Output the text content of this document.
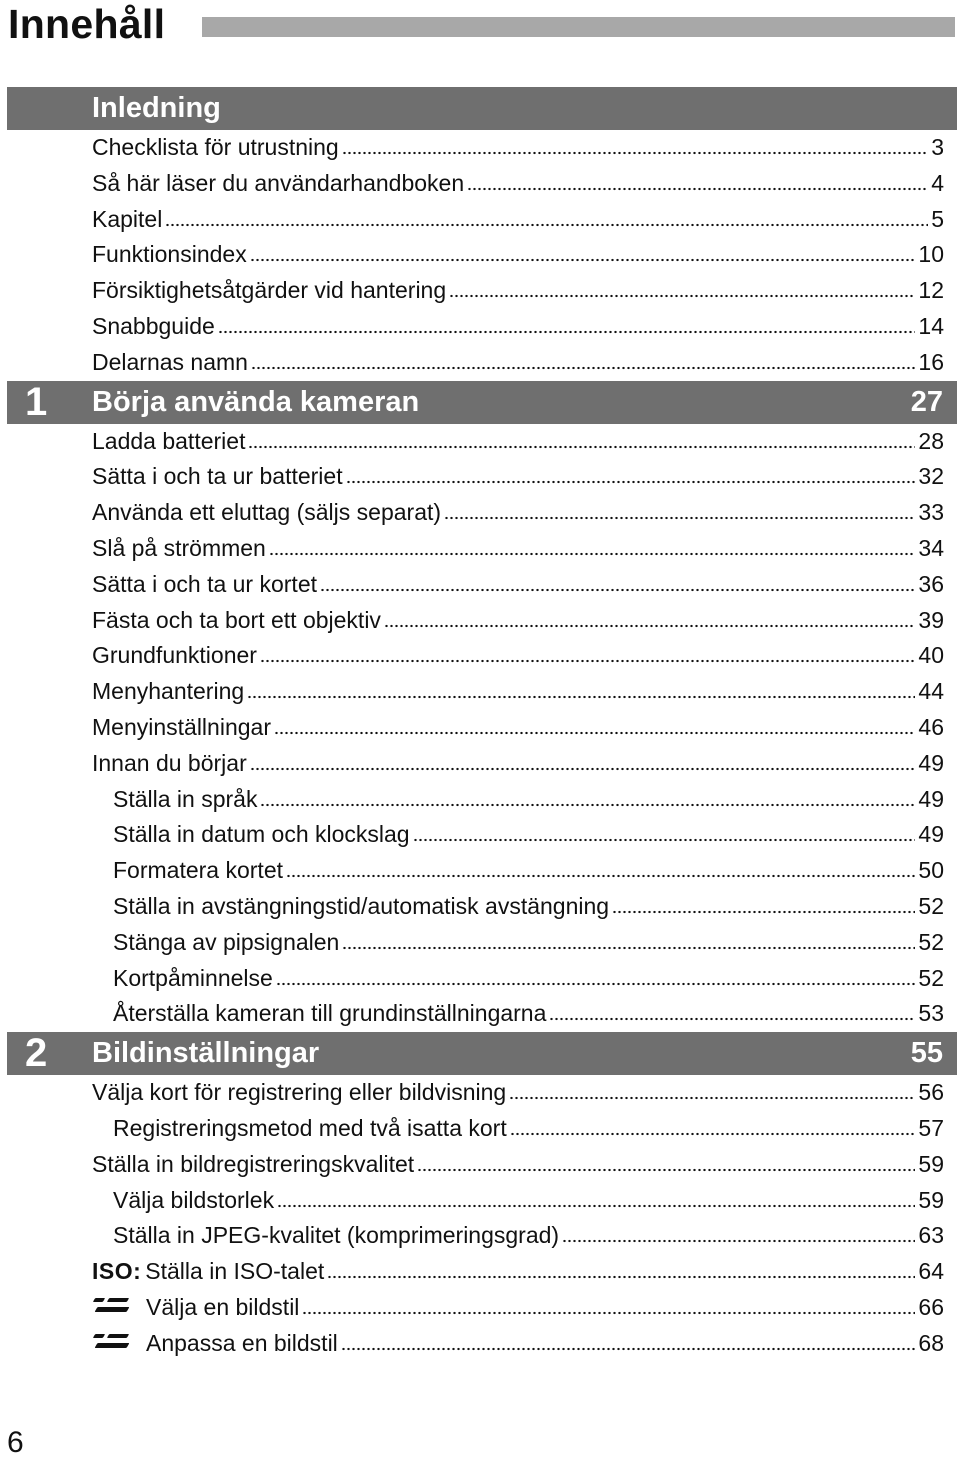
Innehåll
Inledning
Checklista för utrustning	3
Så här läser du användarhandboken	4
Kapitel	5
Funktionsindex	10
Försiktighetsåtgärder vid hantering	12
Snabbguide	14
Delarnas namn	16
1 Börja använda kameran	27
Ladda batteriet	28
Sätta i och ta ur batteriet	32
Använda ett eluttag (säljs separat)	33
Slå på strömmen	34
Sätta i och ta ur kortet	36
Fästa och ta bort ett objektiv	39
Grundfunktioner	40
Menyhantering	44
Menyinställningar	46
Innan du börjar	49
Ställa in språk	49
Ställa in datum och klockslag	49
Formatera kortet	50
Ställa in avstängningstid/automatisk avstängning	52
Stänga av pipsignalen	52
Kortpåminnelse	52
Återställa kameran till grundinställningarna	53
2 Bildinställningar	55
Välja kort för registrering eller bildvisning	56
Registreringsmetod med två isatta kort	57
Ställa in bildregistreringskvalitet	59
Välja bildstorlek	59
Ställa in JPEG-kvalitet (komprimeringsgrad)	63
ISO: Ställa in ISO-talet	64
Välja en bildstil	66
Anpassa en bildstil	68
6
